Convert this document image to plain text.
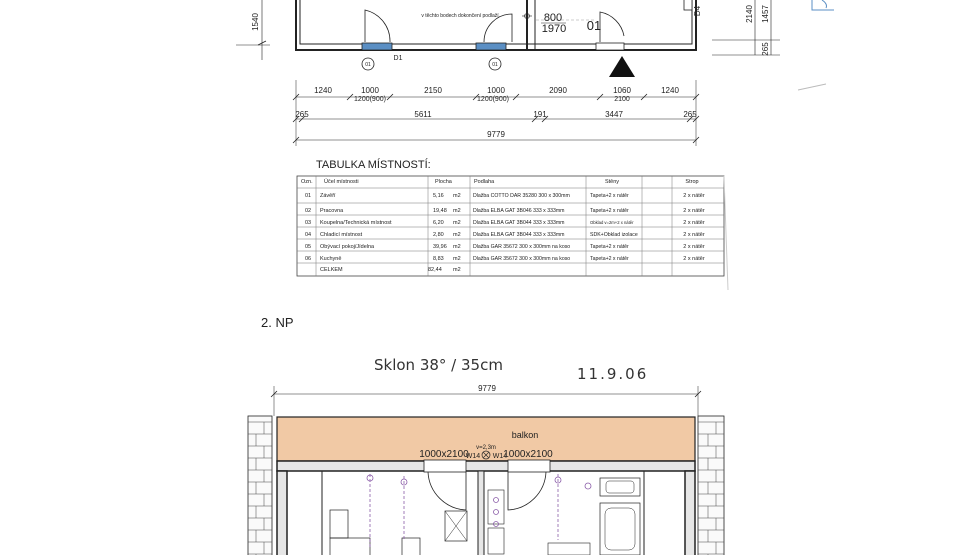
01
D1
01
v těchto bodech dokončení podlaží	800
1970 01
D4
1540	2140 1457
265
1240	1000	2150	1000	2090	1060	1240
1200(900)	1200(900)	2100
265	5611	191	3447	265
9779
TABULKA MÍSTNOSTÍ:
Ozn. Účel místnosti	Plocha	Podlaha	Stěny	Strop
01 Závěří	5,16 m2 Dlažba COTTO DAR 35280 300 x 300mm	Tapeta+2 x nátěr	2 x nátěr
02 Pracovna	19,48 m2 Dlažba ELBA GAT 3B046 333 x 333mm	Tapeta+2 x nátěr	2 x nátěr
03 Koupelna/Technická místnost	6,20 m2 Dlažba ELBA GAT 3B044 333 x 333mm	Obklad v=2m+2 x nátěr	2 x nátěr
04 Chladicí místnost	2,80 m2 Dlažba ELBA GAT 3B044 333 x 333mm	SDK+Obklad izolace	2 x nátěr
05 Obývací pokoj/Jídelna	39,96 m2 Dlažba GAR 35672 300 x 300mm na koso	Tapeta+2 x nátěr	2 x nátěr
06 Kuchyně	8,83 m2 Dlažba GAR 35672 300 x 300mm na koso	Tapeta+2 x nátěr	2 x nátěr
CELKEM	82,44 m2
2. NP
Sklon 38° / 35cm	11.9.06
9779
balkon
1000x2100	1000x2100
v=2,3m
W14 W14
